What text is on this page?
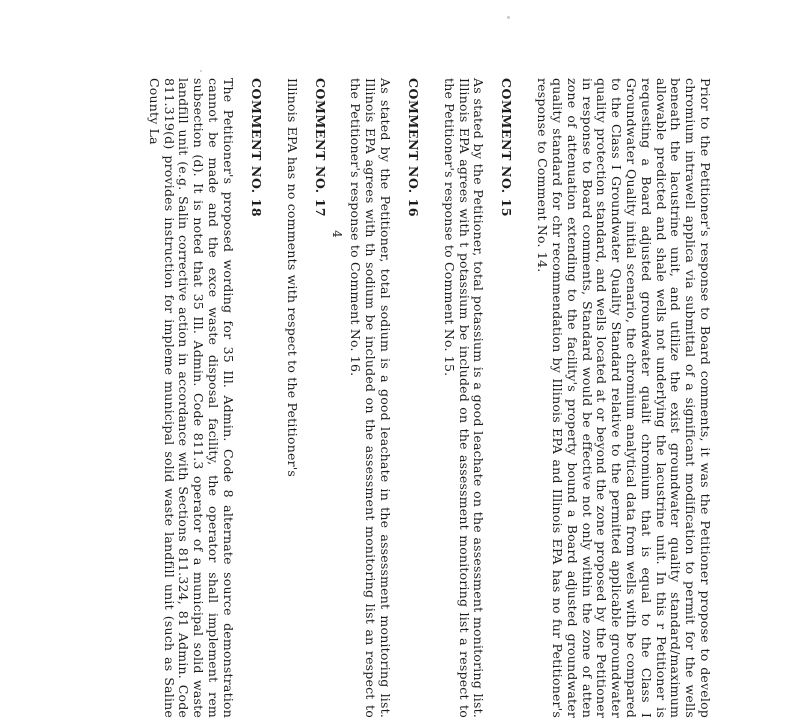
Prior to the Petitioner's response to Board comments, it was the Petitioner propose to develop chromium intrawell applica via submittal of a significant modification to permit for the wells beneath the lacustrine unit, and utilize the exist groundwater quality standard/maximum allowable predicted and shale wells not underlying the lacustrine unit. In this r Petitioner is requesting a Board adjusted groundwater qualit chromium that is equal to the Class I Groundwater Quality initial scenario, the chromium analytical data from wells with be compared to the Class I Groundwater Quality Standard relative to the permitted applicable groundwater quality protection standard, and wells located at or beyond the zone proposed by the Petitioner in response to Board comments, Standard would be effective not only within the zone of atten zone of attenuation extending to the facility's property bound a Board adjusted groundwater quality standard for chr recommendation by Illinois EPA and Illinois EPA has no fur Petitioner's response to Comment No. 14.

COMMENT NO. 15

As stated by the Petitioner, total potassium is a good leachate on the assessment monitoring list. Illinois EPA agrees with t potassium be included on the assessment monitoring list a respect to the Petitioner's response to Comment No. 15.

COMMENT NO. 16

As stated by the Petitioner, total sodium is a good leachate in the assessment monitoring list. Illinois EPA agrees with th sodium be included on the assessment monitoring list an respect to the Petitioner's response to Comment No. 16.

COMMENT NO. 17

Illinois EPA has no comments with respect to the Petitioner's

COMMENT NO. 18

The Petitioner's proposed wording for 35 Ill. Admin. Code 8 alternate source demonstration cannot be made and the exce waste disposal facility, the operator shall implement rem subsection (d). It is noted that 35 Ill. Admin. Code 811.3 operator of a municipal solid waste landfill unit (e.g. Salin corrective action in accordance with Sections 811.324, 81 Admin. Code 811.319(d) provides instruction for impleme municipal solid waste landfill unit (such as Saline County La

4
